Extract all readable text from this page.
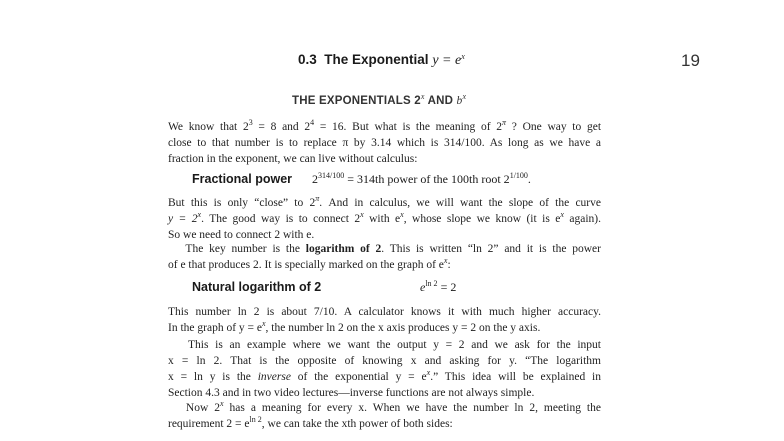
0.3 The Exponential $y = e^x$	19
THE EXPONENTIALS 2$^x$ AND $b^x$
We know that $2^3 = 8$ and $2^4 = 16$. But what is the meaning of $2^\pi$ ? One way to get
close to that number is to replace π by 3.14 which is 314/100. As long as we have a
fraction in the exponent, we can live without calculus:
Fractional power $2^{314/100} = 314th$ power of the 100th root $2^{1/100}$.
But this is only “close” to $2^\pi$. And in calculus, we will want the slope of the curve
$y = 2^x$. The good way is to connect 2$^x$ with $e^x$, whose slope we know (it is $e^x$ again).
So we need to connect 2 with e.
The key number is the logarithm of 2. This is written “ln 2” and it is the power
of e that produces 2. It is specially marked on the graph of $e^x$:
Natural logarithm of 2	$e^{ln 2} = 2$
This number ln 2 is about 7/10. A calculator knows it with much higher accuracy.
In the graph of $y = e^x$, the number ln 2 on the x axis produces y = 2 on the y axis.
This is an example where we want the output y = 2 and we ask for the input
x = ln 2. That is the opposite of knowing x and asking for y. “The logarithm
x = ln y is the inverse of the exponential $y = e^x$.” This idea will be explained in
Section 4.3 and in two video lectures—inverse functions are not always simple.
Now 2$^x$ has a meaning for every x. When we have the number ln 2, meeting the
requirement $2 = e^{ln 2}$, we can take the xth power of both sides:
